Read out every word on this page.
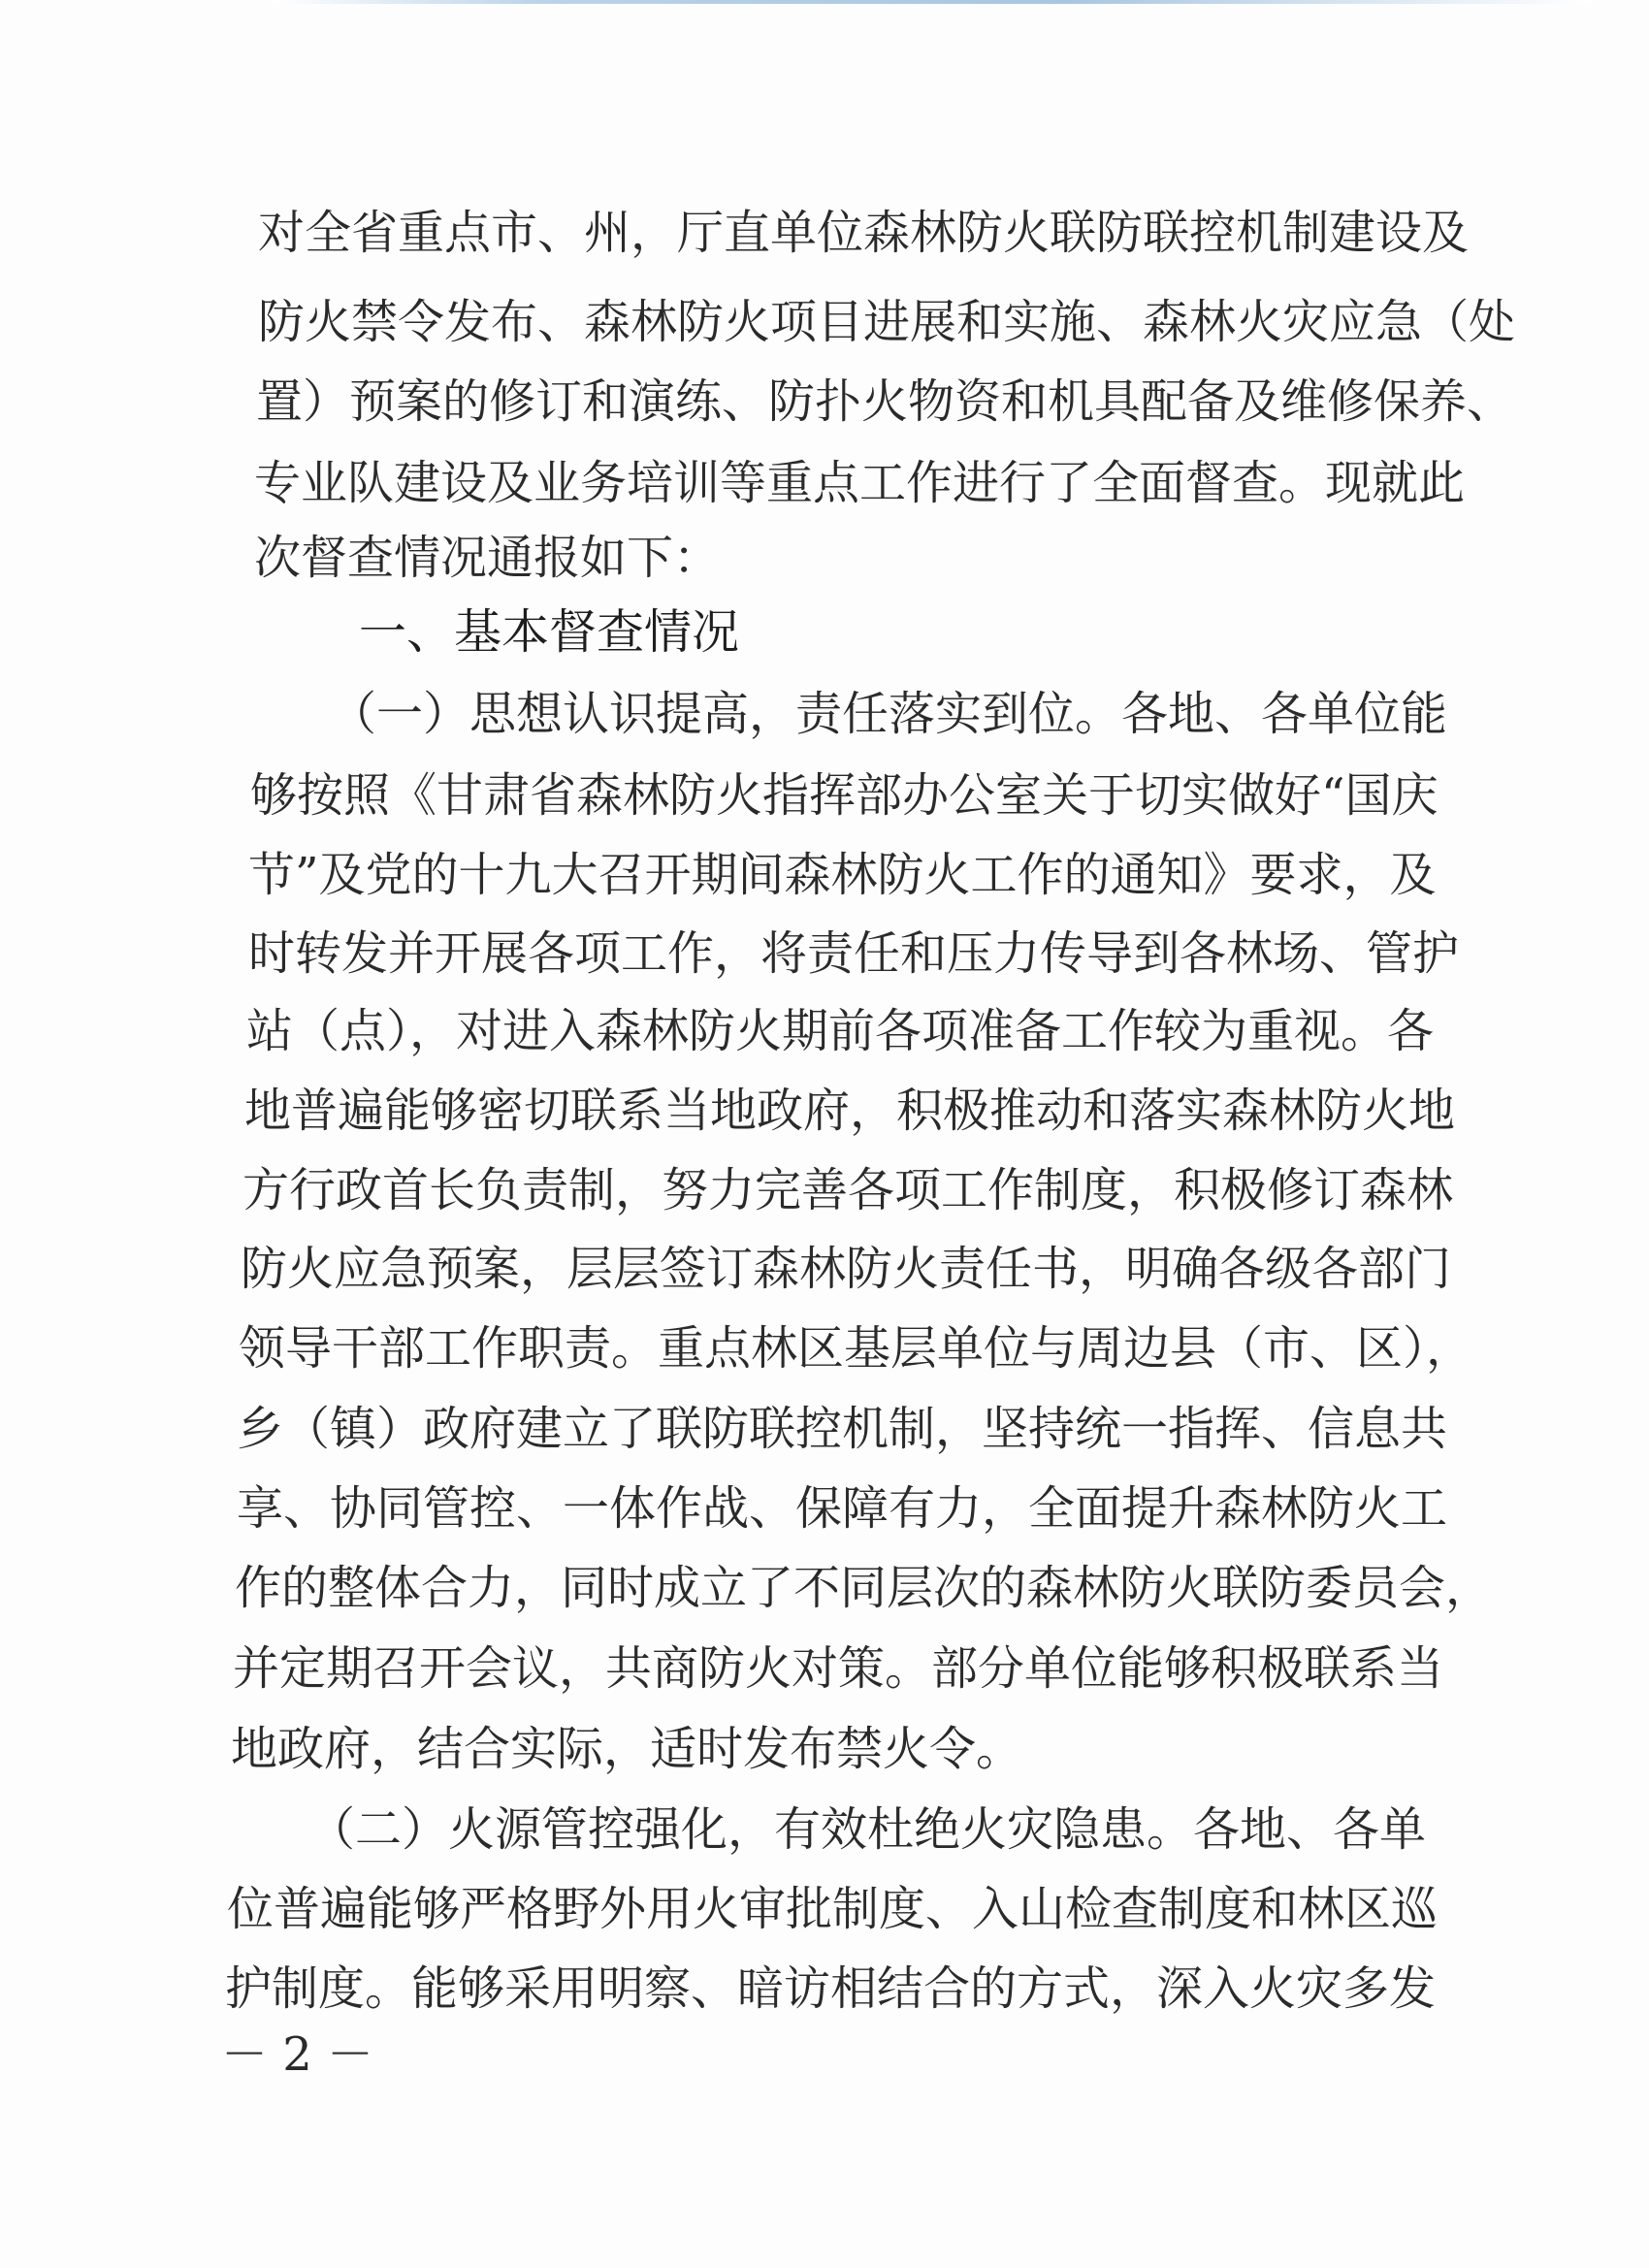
对全省重点市、州，厅直单位森林防火联防联控机制建设及
防火禁令发布、森林防火项目进展和实施、森林火灾应急（处
置）预案的修订和演练、防扑火物资和机具配备及维修保养、
专业队建设及业务培训等重点工作进行了全面督查。现就此
次督查情况通报如下：
一、基本督查情况
（一）思想认识提高，责任落实到位。各地、各单位能
够按照《甘肃省森林防火指挥部办公室关于切实做好“国庆
节”及党的十九大召开期间森林防火工作的通知》要求，及
时转发并开展各项工作，将责任和压力传导到各林场、管护
站（点），对进入森林防火期前各项准备工作较为重视。各
地普遍能够密切联系当地政府，积极推动和落实森林防火地
方行政首长负责制，努力完善各项工作制度，积极修订森林
防火应急预案，层层签订森林防火责任书，明确各级各部门
领导干部工作职责。重点林区基层单位与周边县（市、区），
乡（镇）政府建立了联防联控机制，坚持统一指挥、信息共
享、协同管控、一体作战、保障有力，全面提升森林防火工
作的整体合力，同时成立了不同层次的森林防火联防委员会，
并定期召开会议，共商防火对策。部分单位能够积极联系当
地政府，结合实际，适时发布禁火令。
（二）火源管控强化，有效杜绝火灾隐患。各地、各单
位普遍能够严格野外用火审批制度、入山检查制度和林区巡
护制度。能够采用明察、暗访相结合的方式，深入火灾多发
－ 2 －
